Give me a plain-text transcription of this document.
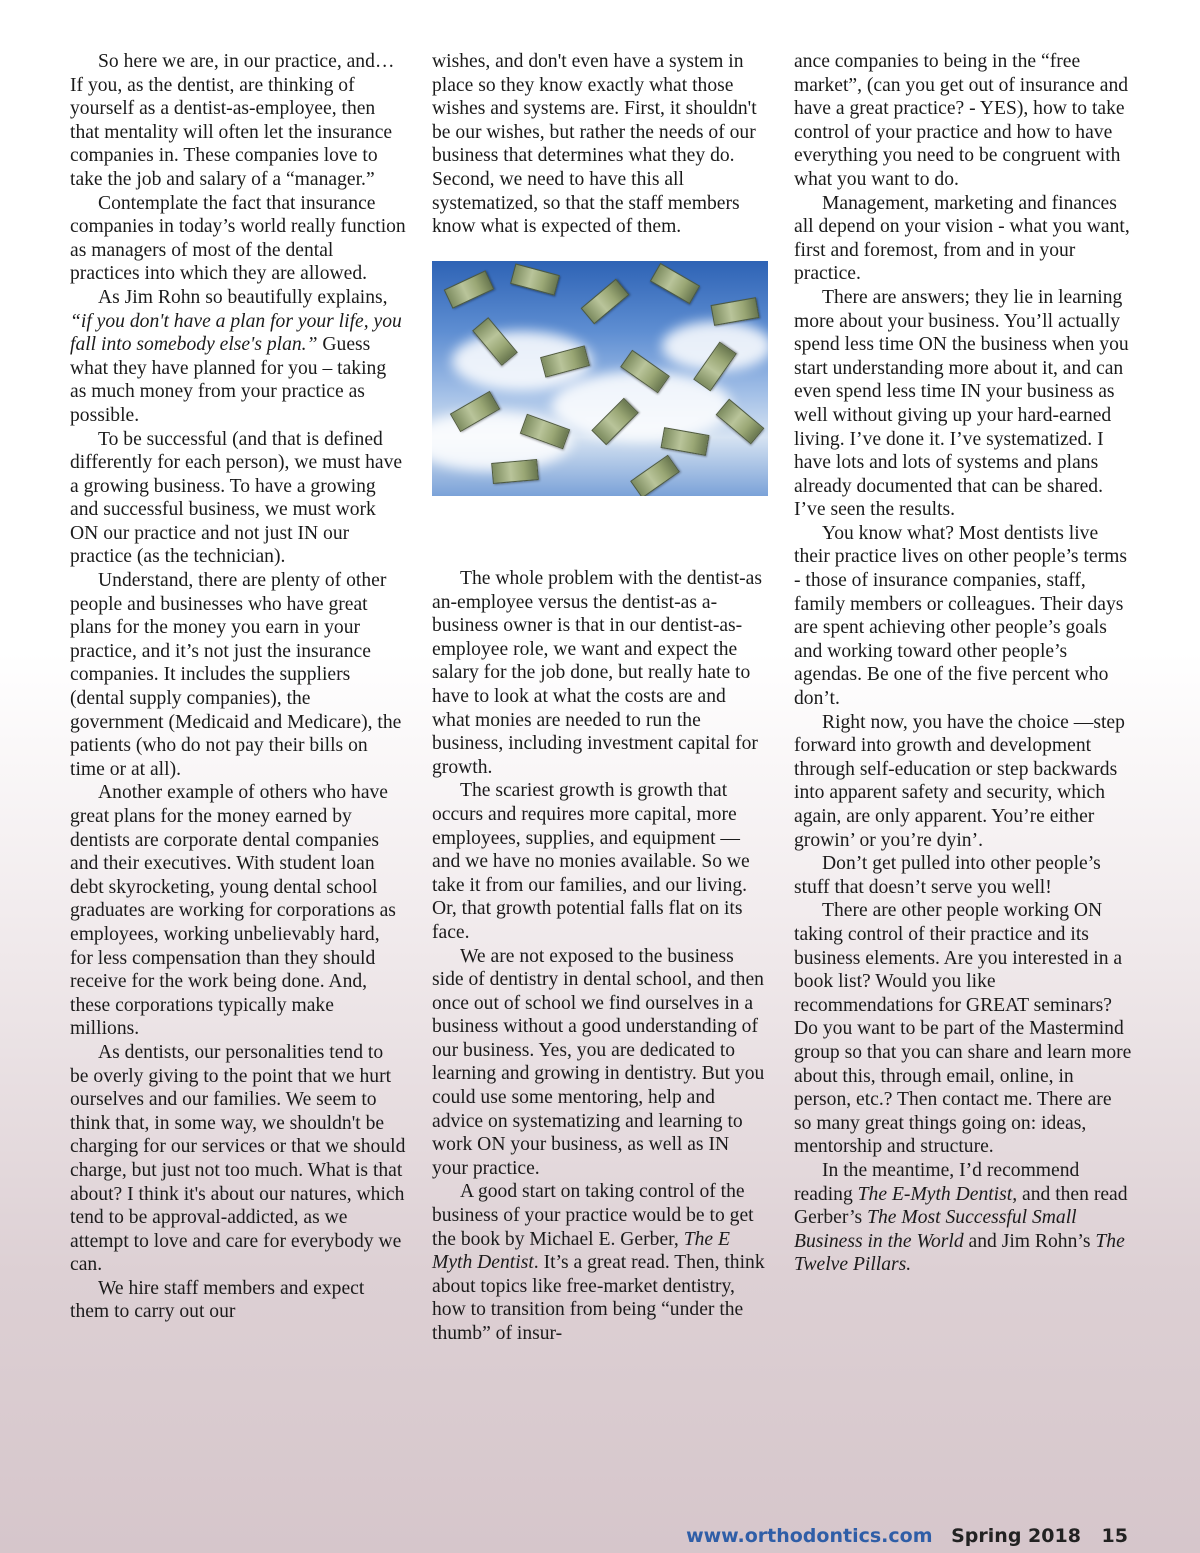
So here we are, in our practice, and… If you, as the dentist, are thinking of yourself as a dentist-as-employee, then that mentality will often let the insurance companies in. These companies love to take the job and salary of a “manager.”

Contemplate the fact that insurance companies in today’s world really function as managers of most of the dental practices into which they are allowed.

As Jim Rohn so beautifully explains, “if you don't have a plan for your life, you fall into somebody else's plan.” Guess what they have planned for you – taking as much money from your practice as possible.

To be successful (and that is defined differently for each person), we must have a growing business. To have a growing and successful business, we must work ON our practice and not just IN our practice (as the technician).

Understand, there are plenty of other people and businesses who have great plans for the money you earn in your practice, and it’s not just the insurance companies. It includes the suppliers (dental supply companies), the government (Medicaid and Medicare), the patients (who do not pay their bills on time or at all).

Another example of others who have great plans for the money earned by dentists are corporate dental companies and their executives. With student loan debt skyrocketing, young dental school graduates are working for corporations as employees, working unbelievably hard, for less compensation than they should receive for the work being done. And, these corporations typically make millions.

As dentists, our personalities tend to be overly giving to the point that we hurt ourselves and our families. We seem to think that, in some way, we shouldn't be charging for our services or that we should charge, but just not too much. What is that about? I think it's about our natures, which tend to be approval-addicted, as we attempt to love and care for everybody we can.

We hire staff members and expect them to carry out our

wishes, and don't even have a system in place so they know exactly what those wishes and systems are. First, it shouldn't be our wishes, but rather the needs of our business that determines what they do. Second, we need to have this all systematized, so that the staff members know what is expected of them.

The whole problem with the dentist-as an-employee versus the dentist-as a-business owner is that in our dentist-as-employee role, we want and expect the salary for the job done, but really hate to have to look at what the costs are and what monies are needed to run the business, including investment capital for growth.

The scariest growth is growth that occurs and requires more capital, more employees, supplies, and equipment — and we have no monies available. So we take it from our families, and our living. Or, that growth potential falls flat on its face.

We are not exposed to the business side of dentistry in dental school, and then once out of school we find ourselves in a business without a good understanding of our business. Yes, you are dedicated to learning and growing in dentistry. But you could use some mentoring, help and advice on systematizing and learning to work ON your business, as well as IN your practice.

A good start on taking control of the business of your practice would be to get the book by Michael E. Gerber, The E Myth Dentist. It’s a great read. Then, think about topics like free-market dentistry, how to transition from being “under the thumb” of insur-

ance companies to being in the “free market”, (can you get out of insurance and have a great practice? - YES), how to take control of your practice and how to have everything you need to be congruent with what you want to do.

Management, marketing and finances all depend on your vision - what you want, first and foremost, from and in your practice.

There are answers; they lie in learning more about your business. You’ll actually spend less time ON the business when you start understanding more about it, and can even spend less time IN your business as well without giving up your hard-earned living. I’ve done it. I’ve systematized. I have lots and lots of systems and plans already documented that can be shared. I’ve seen the results.

You know what? Most dentists live their practice lives on other people’s terms - those of insurance companies, staff, family members or colleagues. Their days are spent achieving other people’s goals and working toward other people’s agendas. Be one of the five percent who don’t.

Right now, you have the choice —step forward into growth and development through self-education or step backwards into apparent safety and security, which again, are only apparent. You’re either growin’ or you’re dyin’.

Don’t get pulled into other people’s stuff that doesn’t serve you well!

There are other people working ON taking control of their practice and its business elements. Are you interested in a book list? Would you like recommendations for GREAT seminars? Do you want to be part of the Mastermind group so that you can share and learn more about this, through email, online, in person, etc.? Then contact me. There are so many great things going on: ideas, mentorship and structure.

In the meantime, I’d recommend reading The E-Myth Dentist, and then read Gerber’s The Most Successful Small Business in the World and Jim Rohn’s The Twelve Pillars.

www.orthodontics.com Spring 2018 15
